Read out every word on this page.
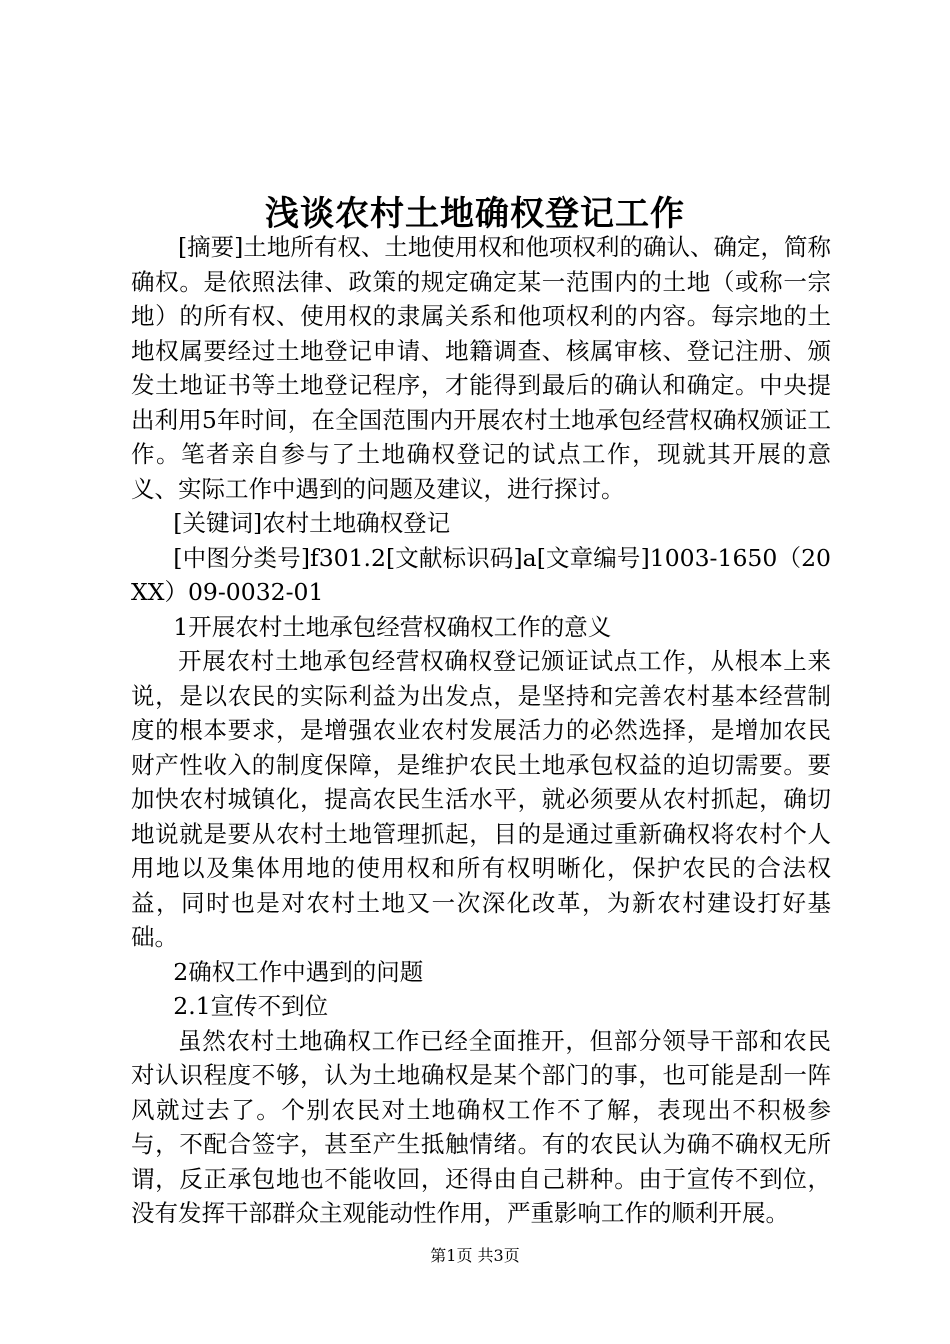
浅谈农村土地确权登记工作

[摘要]土地所有权、土地使用权和他项权利的确认、确定，简称确权。是依照法律、政策的规定确定某一范围内的土地（或称一宗地）的所有权、使用权的隶属关系和他项权利的内容。每宗地的土地权属要经过土地登记申请、地籍调查、核属审核、登记注册、颁发土地证书等土地登记程序，才能得到最后的确认和确定。中央提出利用5年时间，在全国范围内开展农村土地承包经营权确权颁证工作。笔者亲自参与了土地确权登记的试点工作，现就其开展的意义、实际工作中遇到的问题及建议，进行探讨。

[关键词]农村土地确权登记

[中图分类号]f301.2[文献标识码]a[文章编号]1003-1650（20XX）09-0032-01

1开展农村土地承包经营权确权工作的意义

开展农村土地承包经营权确权登记颁证试点工作，从根本上来说，是以农民的实际利益为出发点，是坚持和完善农村基本经营制度的根本要求，是增强农业农村发展活力的必然选择，是增加农民财产性收入的制度保障，是维护农民土地承包权益的迫切需要。要加快农村城镇化，提高农民生活水平，就必须要从农村抓起，确切地说就是要从农村土地管理抓起，目的是通过重新确权将农村个人用地以及集体用地的使用权和所有权明晰化，保护农民的合法权益，同时也是对农村土地又一次深化改革，为新农村建设打好基础。

2确权工作中遇到的问题

2.1宣传不到位

虽然农村土地确权工作已经全面推开，但部分领导干部和农民对认识程度不够，认为土地确权是某个部门的事，也可能是刮一阵风就过去了。个别农民对土地确权工作不了解，表现出不积极参与，不配合签字，甚至产生抵触情绪。有的农民认为确不确权无所谓，反正承包地也不能收回，还得由自己耕种。由于宣传不到位，没有发挥干部群众主观能动性作用，严重影响工作的顺利开展。

第1页 共3页
